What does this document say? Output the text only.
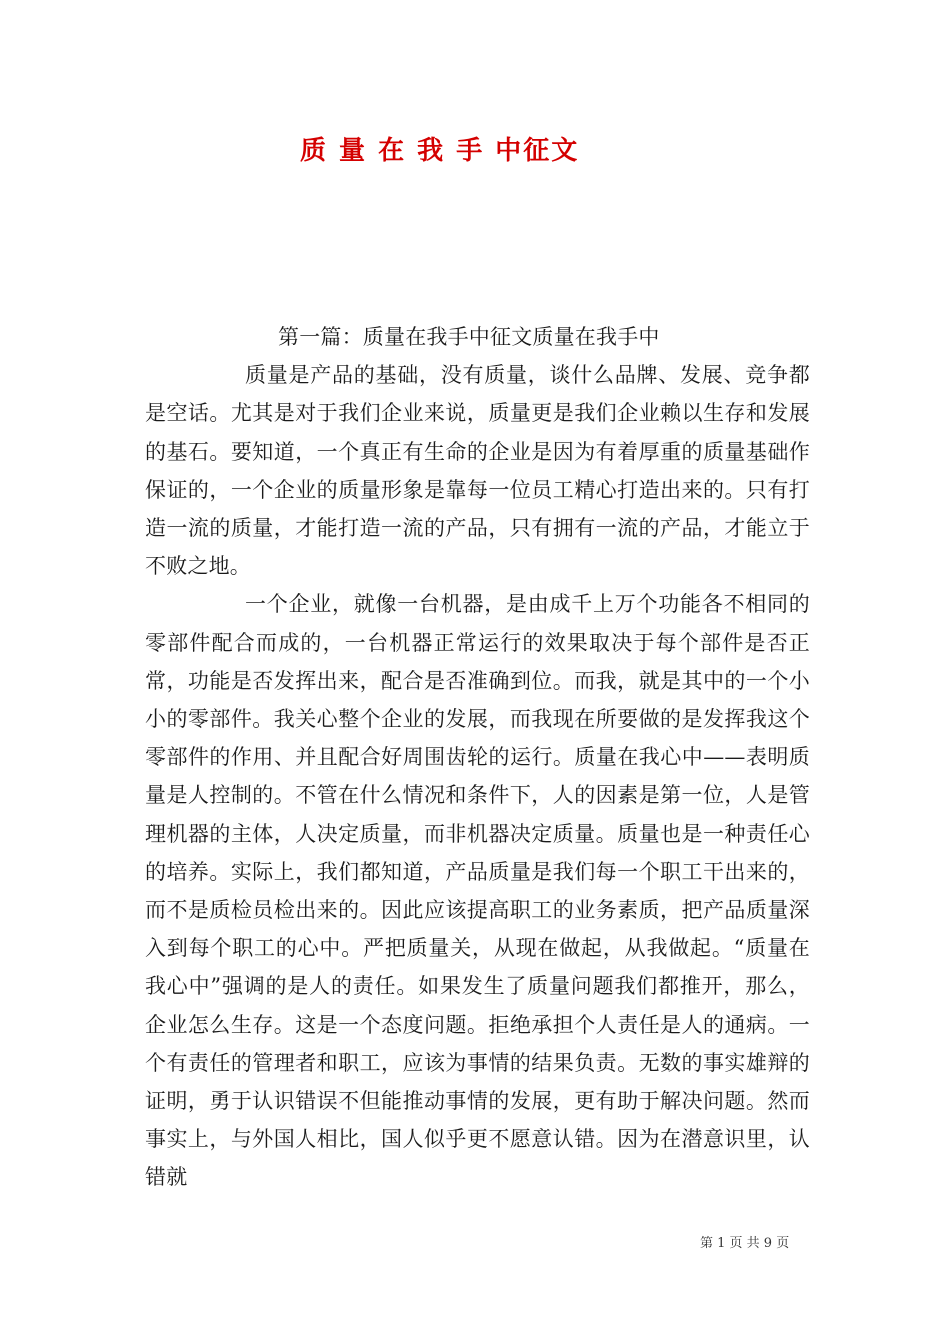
质 量 在 我 手 中征文

第一篇：质量在我手中征文质量在我手中

质量是产品的基础，没有质量，谈什么品牌、发展、竞争都是空话。尤其是对于我们企业来说，质量更是我们企业赖以生存和发展的基石。要知道，一个真正有生命的企业是因为有着厚重的质量基础作保证的，一个企业的质量形象是靠每一位员工精心打造出来的。只有打造一流的质量，才能打造一流的产品，只有拥有一流的产品，才能立于不败之地。

一个企业，就像一台机器，是由成千上万个功能各不相同的零部件配合而成的，一台机器正常运行的效果取决于每个部件是否正常，功能是否发挥出来，配合是否准确到位。而我，就是其中的一个小小的零部件。我关心整个企业的发展，而我现在所要做的是发挥我这个零部件的作用、并且配合好周围齿轮的运行。质量在我心中——表明质量是人控制的。不管在什么情况和条件下，人的因素是第一位，人是管理机器的主体，人决定质量，而非机器决定质量。质量也是一种责任心的培养。实际上，我们都知道，产品质量是我们每一个职工干出来的，而不是质检员检出来的。因此应该提高职工的业务素质，把产品质量深入到每个职工的心中。严把质量关，从现在做起，从我做起。“质量在我心中”强调的是人的责任。如果发生了质量问题我们都推开，那么，企业怎么生存。这是一个态度问题。拒绝承担个人责任是人的通病。一个有责任的管理者和职工，应该为事情的结果负责。无数的事实雄辩的证明，勇于认识错误不但能推动事情的发展，更有助于解决问题。然而事实上，与外国人相比，国人似乎更不愿意认错。因为在潜意识里，认错就

第 1 页 共 9 页
